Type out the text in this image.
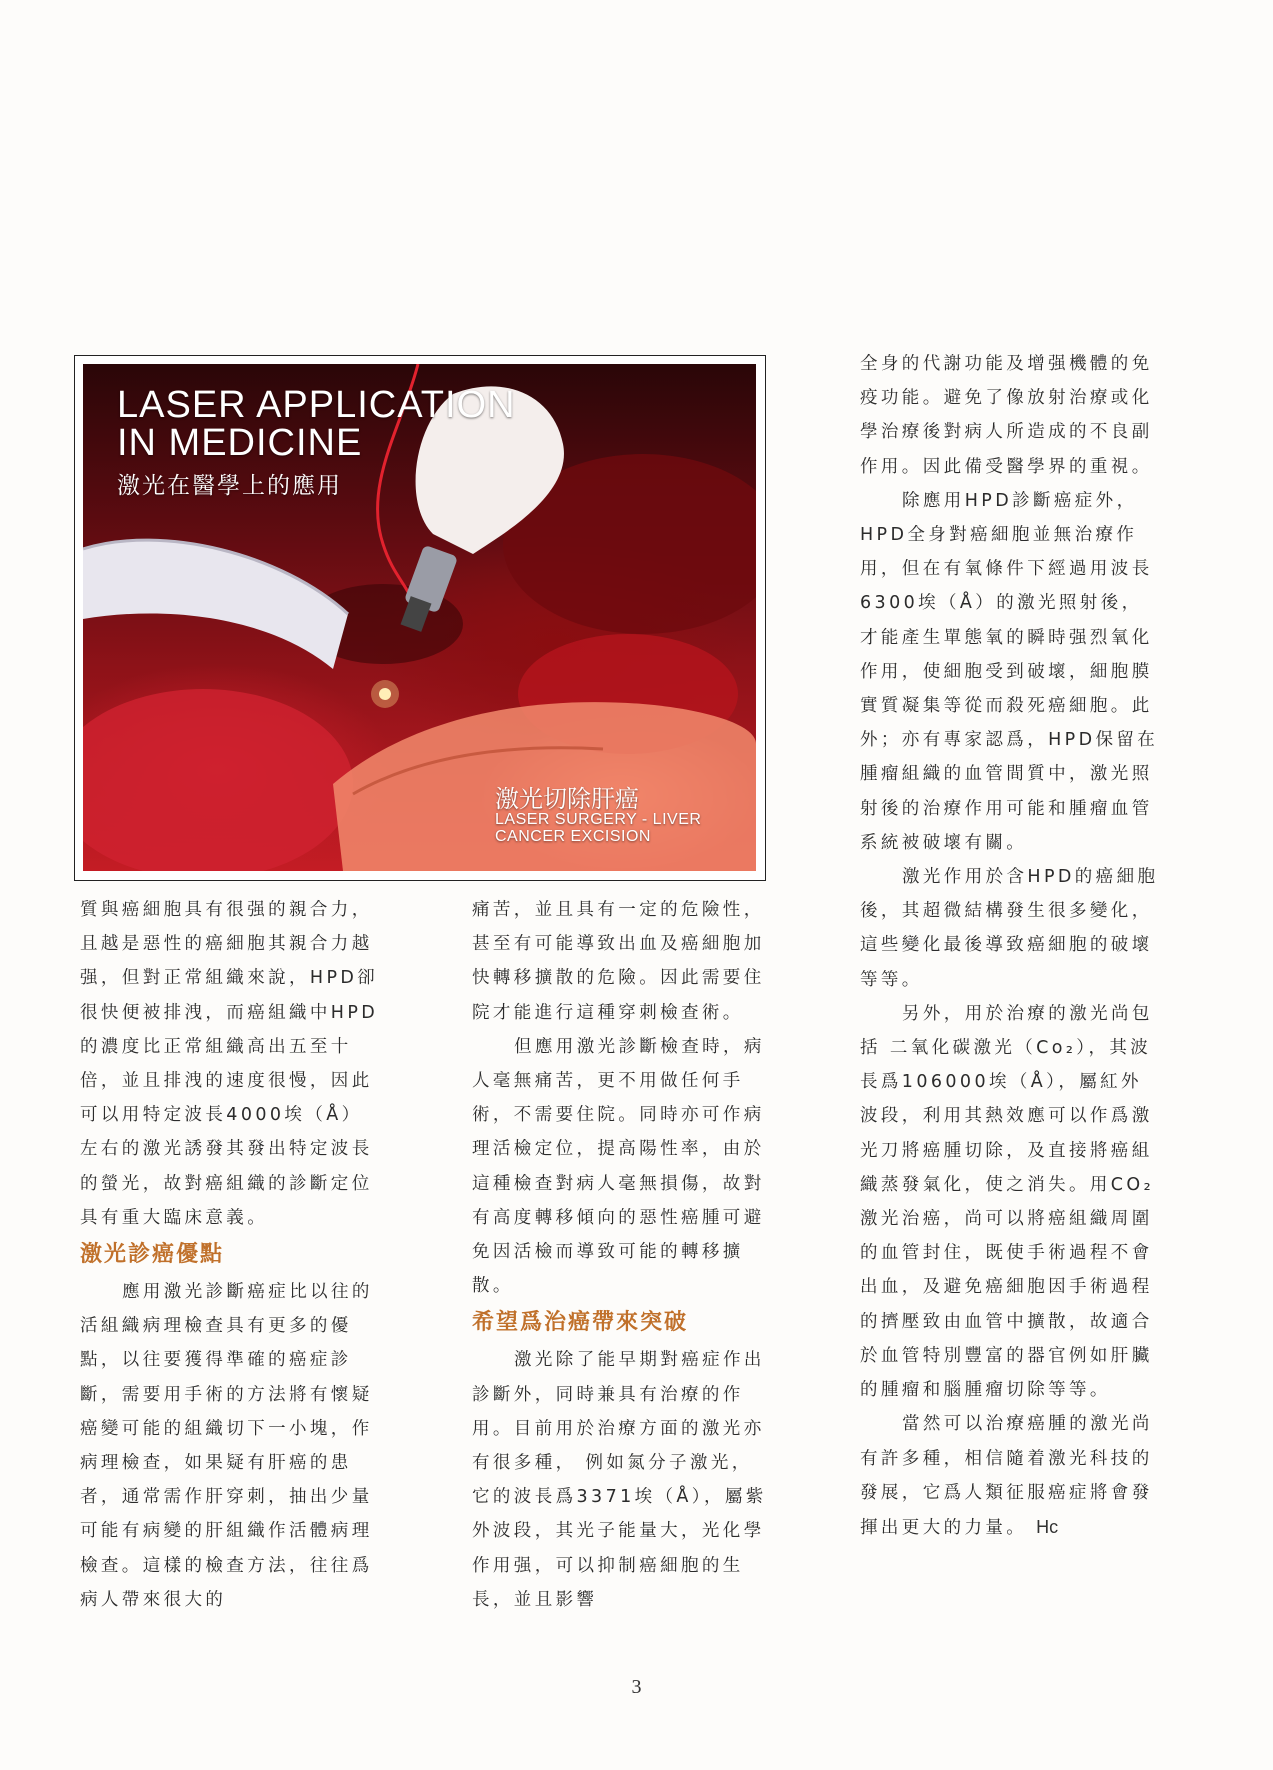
LASER APPLICATION
IN MEDICINE
激光在醫學上的應用
激光切除肝癌
LASER SURGERY - LIVER
CANCER EXCISION

質與癌細胞具有很强的親合力，且越是惡性的癌細胞其親合力越强，但對正常組織來說，HPD卻很快便被排洩，而癌組織中HPD的濃度比正常組織高出五至十倍，並且排洩的速度很慢，因此可以用特定波長4000埃（Å）左右的激光誘發其發出特定波長的螢光，故對癌組織的診斷定位具有重大臨床意義。

激光診癌優點

應用激光診斷癌症比以往的活組織病理檢查具有更多的優點，以往要獲得準確的癌症診斷，需要用手術的方法將有懷疑癌變可能的組織切下一小塊，作病理檢查，如果疑有肝癌的患者，通常需作肝穿刺，抽出少量可能有病變的肝組織作活體病理檢查。這樣的檢查方法，往往爲病人帶來很大的

痛苦，並且具有一定的危險性，甚至有可能導致出血及癌細胞加快轉移擴散的危險。因此需要住院才能進行這種穿刺檢查術。

但應用激光診斷檢查時，病人毫無痛苦，更不用做任何手術，不需要住院。同時亦可作病理活檢定位，提高陽性率，由於這種檢查對病人毫無損傷，故對有高度轉移傾向的惡性癌腫可避免因活檢而導致可能的轉移擴散。

希望爲治癌帶來突破

激光除了能早期對癌症作出診斷外，同時兼具有治療的作用。目前用於治療方面的激光亦有很多種， 例如氮分子激光， 它的波長爲3371埃（Å），屬紫外波段，其光子能量大，光化學作用强，可以抑制癌細胞的生長，並且影響

全身的代謝功能及增强機體的免疫功能。避免了像放射治療或化學治療後對病人所造成的不良副作用。因此備受醫學界的重視。

除應用HPD診斷癌症外，HPD全身對癌細胞並無治療作用，但在有氧條件下經過用波長6300埃（Å）的激光照射後，才能產生單態氧的瞬時强烈氧化作用，使細胞受到破壞，細胞膜實質凝集等從而殺死癌細胞。此外；亦有專家認爲，HPD保留在腫瘤組織的血管間質中，激光照射後的治療作用可能和腫瘤血管系統被破壞有關。

激光作用於含HPD的癌細胞後，其超微結構發生很多變化，這些變化最後導致癌細胞的破壞等等。

另外，用於治療的激光尚包括 二氧化碳激光（Co₂），其波長爲106000埃（Å），屬紅外波段，利用其熱效應可以作爲激光刀將癌腫切除，及直接將癌組織蒸發氣化，使之消失。用CO₂激光治癌，尚可以將癌組織周圍的血管封住，既使手術過程不會出血，及避免癌細胞因手術過程的擠壓致由血管中擴散，故適合於血管特別豐富的器官例如肝臟的腫瘤和腦腫瘤切除等等。

當然可以治療癌腫的激光尚有許多種，相信隨着激光科技的發展，它爲人類征服癌症將會發揮出更大的力量。 Hc

3
